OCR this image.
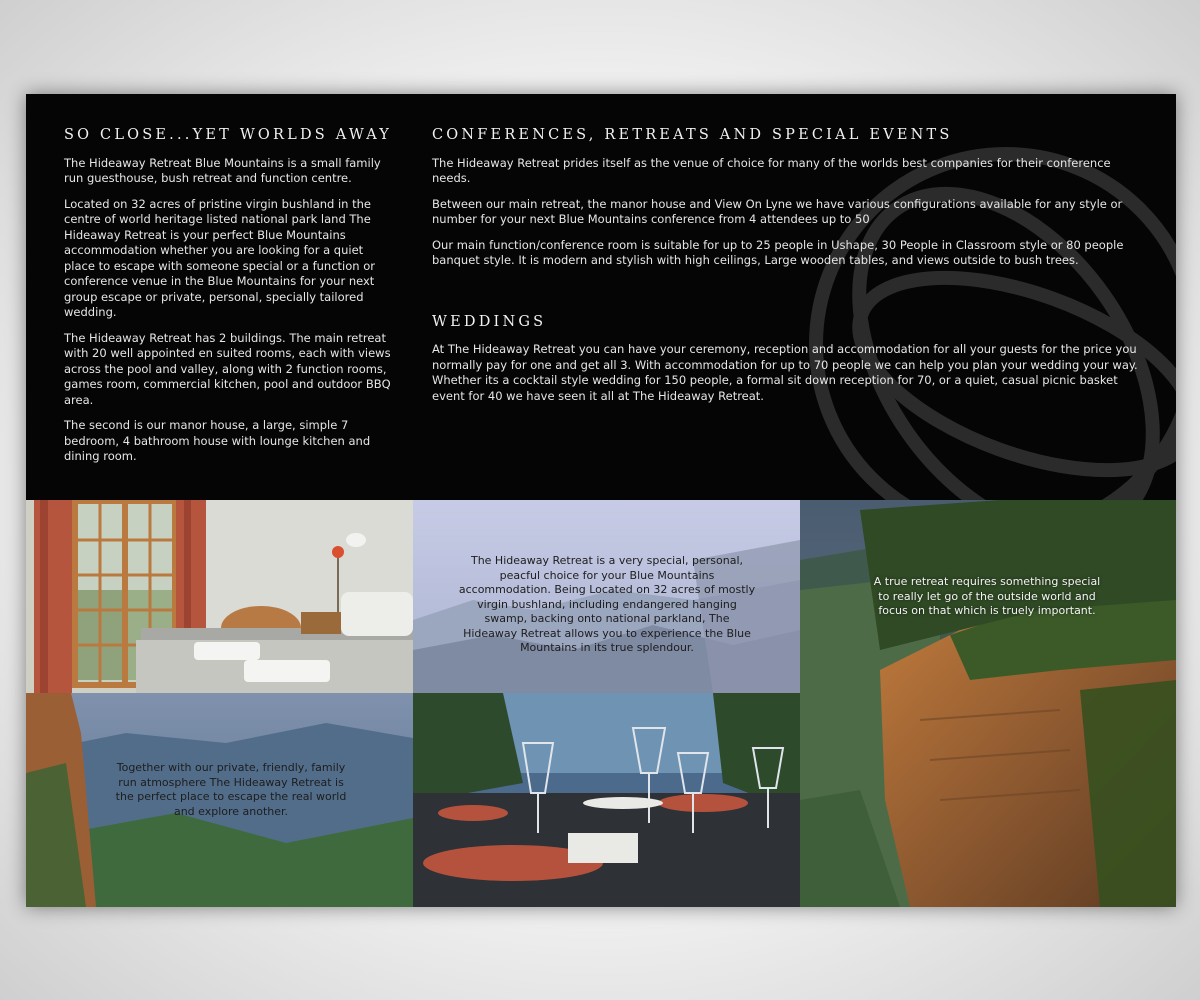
SO CLOSE...YET WORLDS AWAY

The Hideaway Retreat Blue Mountains is a small family run guesthouse, bush retreat and function centre.

Located on 32 acres of pristine virgin bushland in the centre of world heritage listed national park land The Hideaway Retreat is your perfect Blue Mountains accommodation whether you are looking for a quiet place to escape with someone special or a function or conference venue in the Blue Mountains for your next group escape or private, personal, specially tailored wedding.

The Hideaway Retreat has 2 buildings. The main retreat with 20 well appointed en suited rooms, each with views across the pool and valley, along with 2 function rooms, games room, commercial kitchen, pool and outdoor BBQ area.

The second is our manor house, a large, simple 7 bedroom, 4 bathroom house with lounge kitchen and dining room.

CONFERENCES, RETREATS AND SPECIAL EVENTS

The Hideaway Retreat prides itself as the venue of choice for many of the worlds best companies for their conference needs.

Between our main retreat, the manor house and View On Lyne we have various configurations available for any style or number for your next Blue Mountains conference from 4 attendees up to 50

Our main function/conference room is suitable for up to 25 people in Ushape, 30 People in Classroom style or 80 people banquet style. It is modern and stylish with high ceilings, Large wooden tables, and views outside to bush trees.

WEDDINGS

At The Hideaway Retreat you can have your ceremony, reception and accommodation for all your guests for the price you normally pay for one and get all 3. With accommodation for up to 70 people we can help you plan your wedding your way. Whether its a cocktail style wedding for 150 people, a formal sit down reception for 70, or a quiet, casual picnic basket event for 40 we have seen it all at The Hideaway Retreat.

The Hideaway Retreat is a very special, personal, peacful choice for your Blue Mountains accommodation. Being Located on 32 acres of mostly virgin bushland, including endangered hanging swamp, backing onto national parkland, The Hideaway Retreat allows you to experience the Blue Mountains in its true splendour.
A true retreat requires something special to really let go of the outside world and focus on that which is truely important.
Together with our private, friendly, family run atmosphere The Hideaway Retreat is the perfect place to escape the real world and explore another.
